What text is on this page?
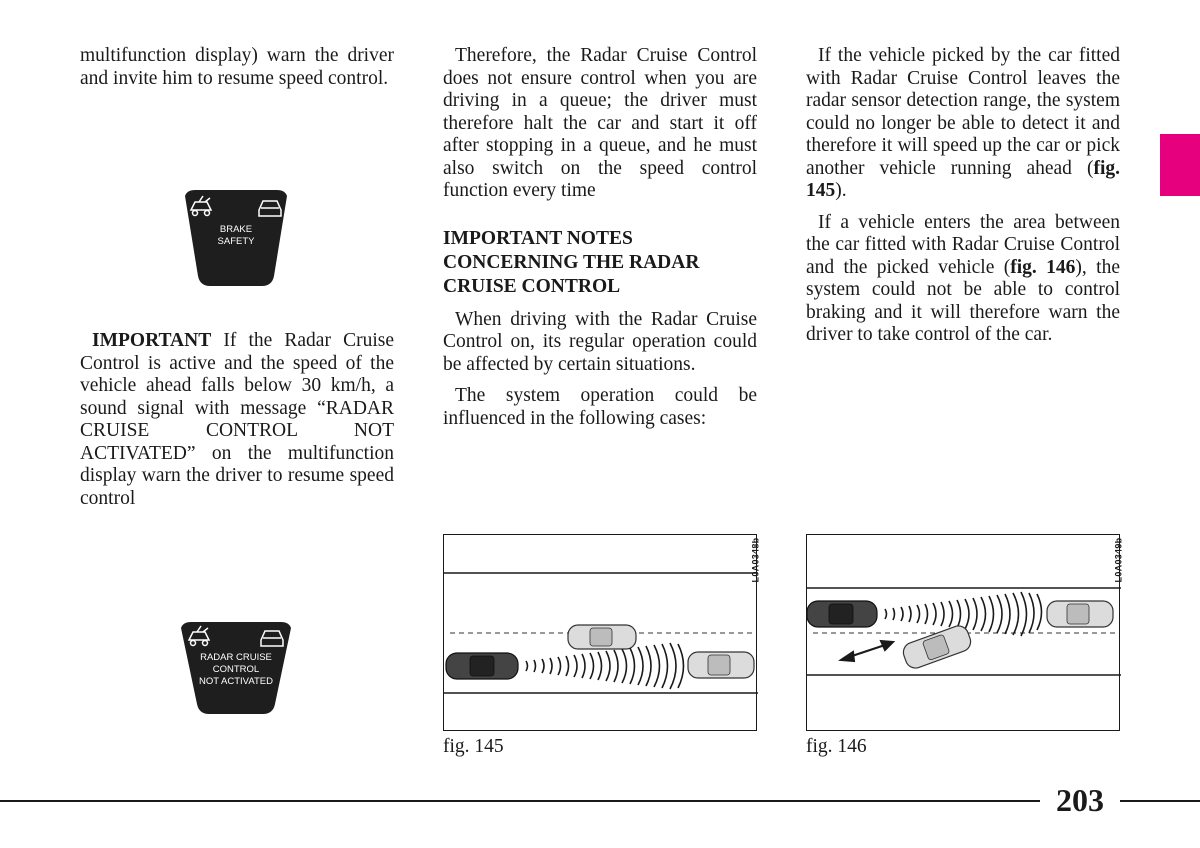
multifunction display) warn the driver and invite him to resume speed control.

BRAKE
SAFETY

IMPORTANT If the Radar Cruise Control is active and the speed of the vehicle ahead falls below 30 km/h, a sound signal with message “RADAR CRUISE CONTROL NOT ACTIVATED” on the multifunction display warn the driver to resume speed control

RADAR CRUISE
CONTROL
NOT ACTIVATED

Therefore, the Radar Cruise Control does not ensure control when you are driving in a queue; the driver must therefore halt the car and start it off after stopping in a queue, and he must also switch on the speed control function every time

IMPORTANT NOTES CONCERNING THE RADAR CRUISE CONTROL

When driving with the Radar Cruise Control on, its regular operation could be affected by certain situations.

The system operation could be influenced in the following cases:

If the vehicle picked by the car fitted with Radar Cruise Control leaves the radar sensor detection range, the system could no longer be able to detect it and therefore it will speed up the car or pick another vehicle running ahead (fig. 145).

If a vehicle enters the area between the car fitted with Radar Cruise Control and the picked vehicle (fig. 146), the system could not be able to control braking and it will therefore warn the driver to take control of the car.

L0A0348b
fig. 145
L0A0349b
fig. 146
203
